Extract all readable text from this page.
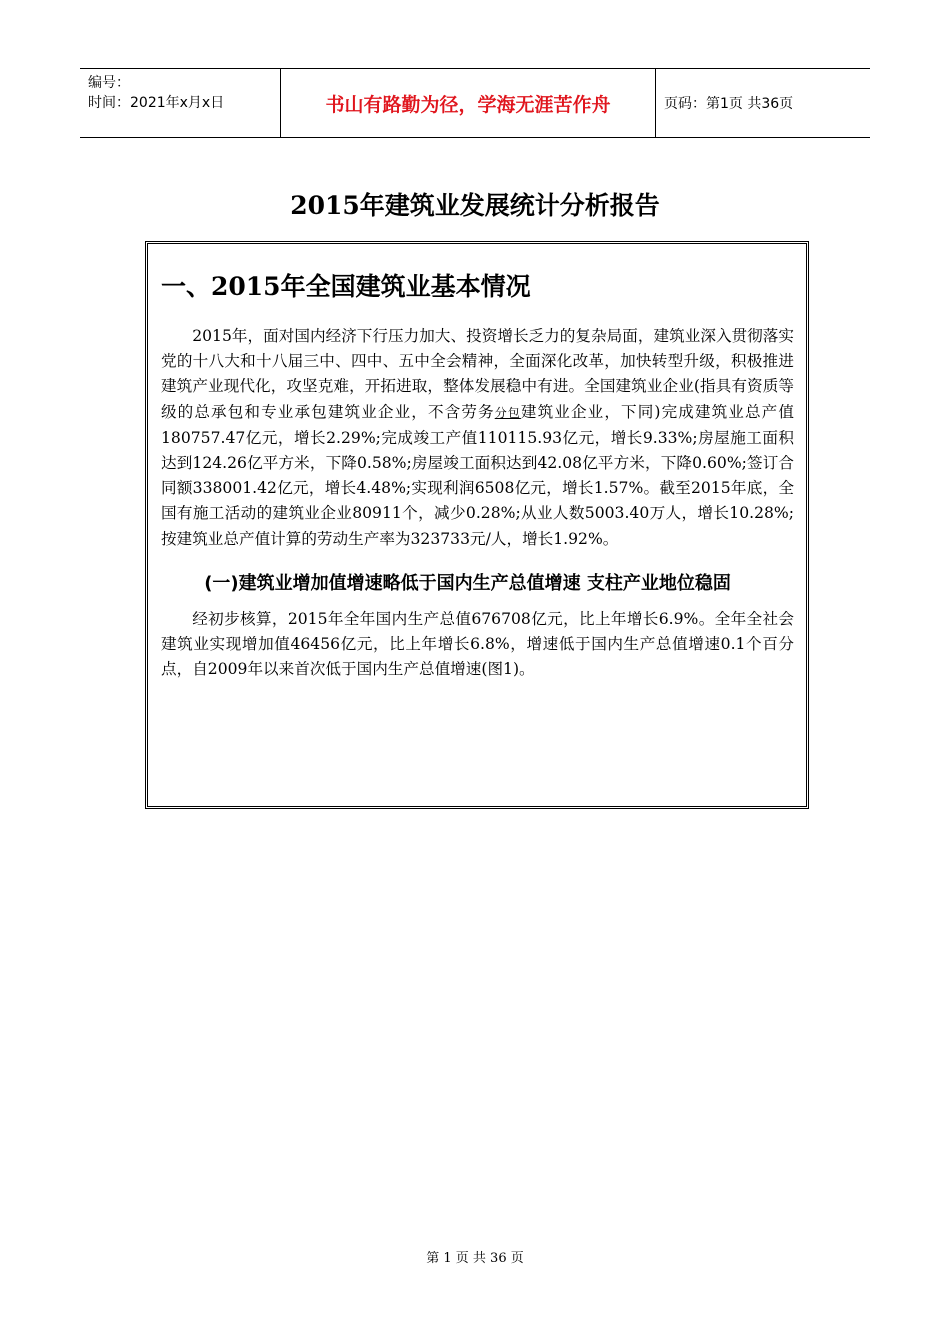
编号：
时间：2021年x月x日	书山有路勤为径，学海无涯苦作舟	页码：第1页 共36页
2015年建筑业发展统计分析报告
一、2015年全国建筑业基本情况

2015年，面对国内经济下行压力加大、投资增长乏力的复杂局面，建筑业深入贯彻落实党的十八大和十八届三中、四中、五中全会精神，全面深化改革，加快转型升级，积极推进建筑产业现代化，攻坚克难，开拓进取，整体发展稳中有进。全国建筑业企业(指具有资质等级的总承包和专业承包建筑业企业，不含劳务分包建筑业企业，下同)完成建筑业总产值180757.47亿元，增长2.29%;完成竣工产值110115.93亿元，增长9.33%;房屋施工面积达到124.26亿平方米，下降0.58%;房屋竣工面积达到42.08亿平方米，下降0.60%;签订合同额338001.42亿元，增长4.48%;实现利润6508亿元，增长1.57%。截至2015年底，全国有施工活动的建筑业企业80911个，减少0.28%;从业人数5003.40万人，增长10.28%;按建筑业总产值计算的劳动生产率为323733元/人，增长1.92%。

(一)建筑业增加值增速略低于国内生产总值增速 支柱产业地位稳固

经初步核算，2015年全年国内生产总值676708亿元，比上年增长6.9%。全年全社会建筑业实现增加值46456亿元，比上年增长6.8%，增速低于国内生产总值增速0.1个百分点，自2009年以来首次低于国内生产总值增速(图1)。

第 1 页 共 36 页
